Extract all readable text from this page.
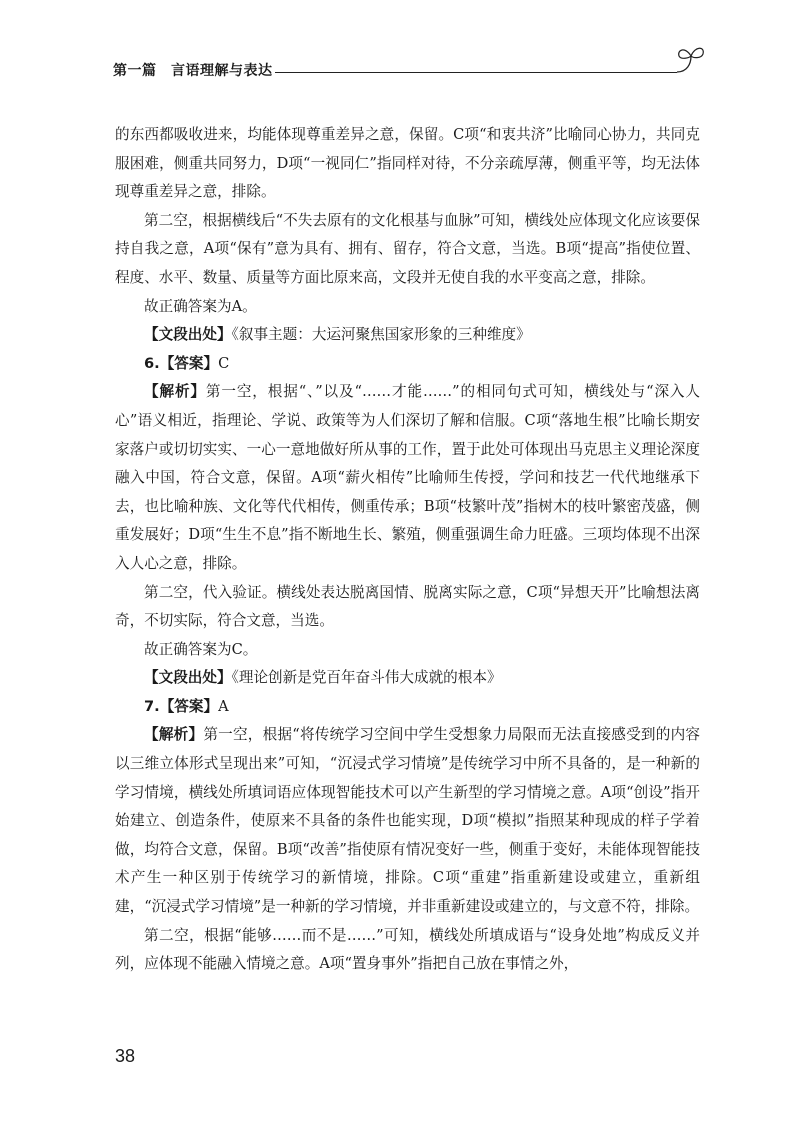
第一篇　言语理解与表达

的东西都吸收进来，均能体现尊重差异之意，保留。C项“和衷共济”比喻同心协力，共同克服困难，侧重共同努力，D项“一视同仁”指同样对待，不分亲疏厚薄，侧重平等，均无法体现尊重差异之意，排除。

第二空，根据横线后“不失去原有的文化根基与血脉”可知，横线处应体现文化应该要保持自我之意，A项“保有”意为具有、拥有、留存，符合文意，当选。B项“提高”指使位置、程度、水平、数量、质量等方面比原来高，文段并无使自我的水平变高之意，排除。

故正确答案为A。

【文段出处】《叙事主题：大运河聚焦国家形象的三种维度》

6.【答案】C

【解析】第一空，根据“、”以及“……才能……”的相同句式可知，横线处与“深入人心”语义相近，指理论、学说、政策等为人们深切了解和信服。C项“落地生根”比喻长期安家落户或切切实实、一心一意地做好所从事的工作，置于此处可体现出马克思主义理论深度融入中国，符合文意，保留。A项“薪火相传”比喻师生传授，学问和技艺一代代地继承下去，也比喻种族、文化等代代相传，侧重传承；B项“枝繁叶茂”指树木的枝叶繁密茂盛，侧重发展好；D项“生生不息”指不断地生长、繁殖，侧重强调生命力旺盛。三项均体现不出深入人心之意，排除。

第二空，代入验证。横线处表达脱离国情、脱离实际之意，C项“异想天开”比喻想法离奇，不切实际，符合文意，当选。

故正确答案为C。

【文段出处】《理论创新是党百年奋斗伟大成就的根本》

7.【答案】A

【解析】第一空，根据“将传统学习空间中学生受想象力局限而无法直接感受到的内容以三维立体形式呈现出来”可知，“沉浸式学习情境”是传统学习中所不具备的，是一种新的学习情境，横线处所填词语应体现智能技术可以产生新型的学习情境之意。A项“创设”指开始建立、创造条件，使原来不具备的条件也能实现，D项“模拟”指照某种现成的样子学着做，均符合文意，保留。B项“改善”指使原有情况变好一些，侧重于变好，未能体现智能技术产生一种区别于传统学习的新情境，排除。C项“重建”指重新建设或建立，重新组建，“沉浸式学习情境”是一种新的学习情境，并非重新建设或建立的，与文意不符，排除。

第二空，根据“能够……而不是……”可知，横线处所填成语与“设身处地”构成反义并列，应体现不能融入情境之意。A项“置身事外”指把自己放在事情之外，

38
